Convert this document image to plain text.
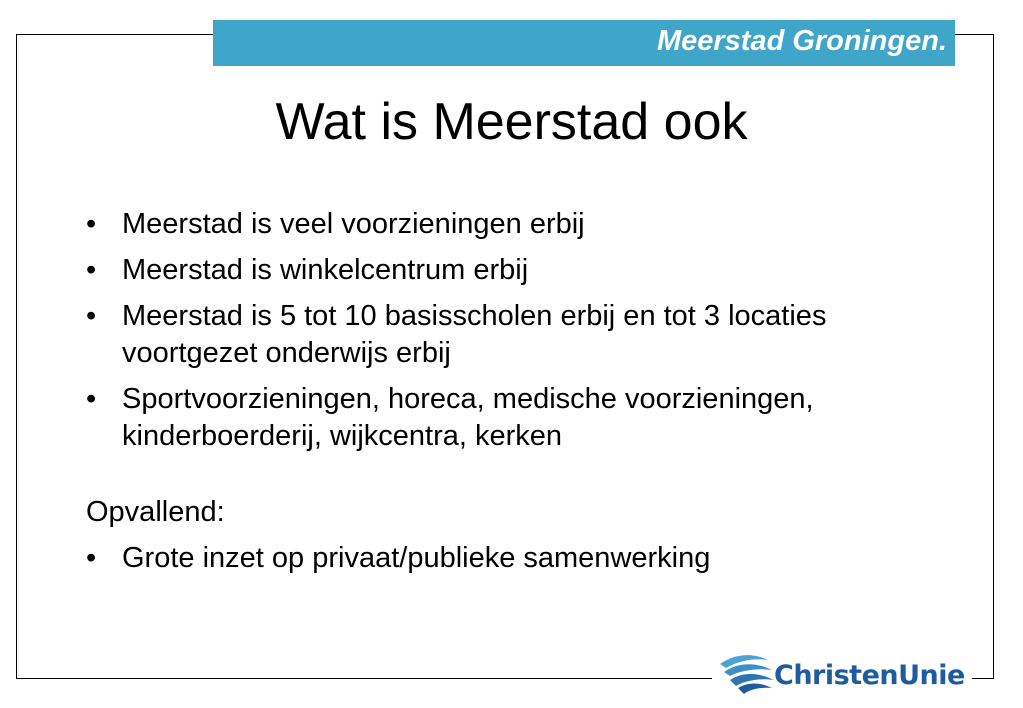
Meerstad Groningen.
Wat is Meerstad ook
• Meerstad is veel voorzieningen erbij
• Meerstad is winkelcentrum erbij
• Meerstad is 5 tot 10 basisscholen erbij en tot 3 locaties voortgezet onderwijs erbij
• Sportvoorzieningen, horeca, medische voorzieningen, kinderboerderij, wijkcentra, kerken
Opvallend:
• Grote inzet op privaat/publieke samenwerking
ChristenUnie
